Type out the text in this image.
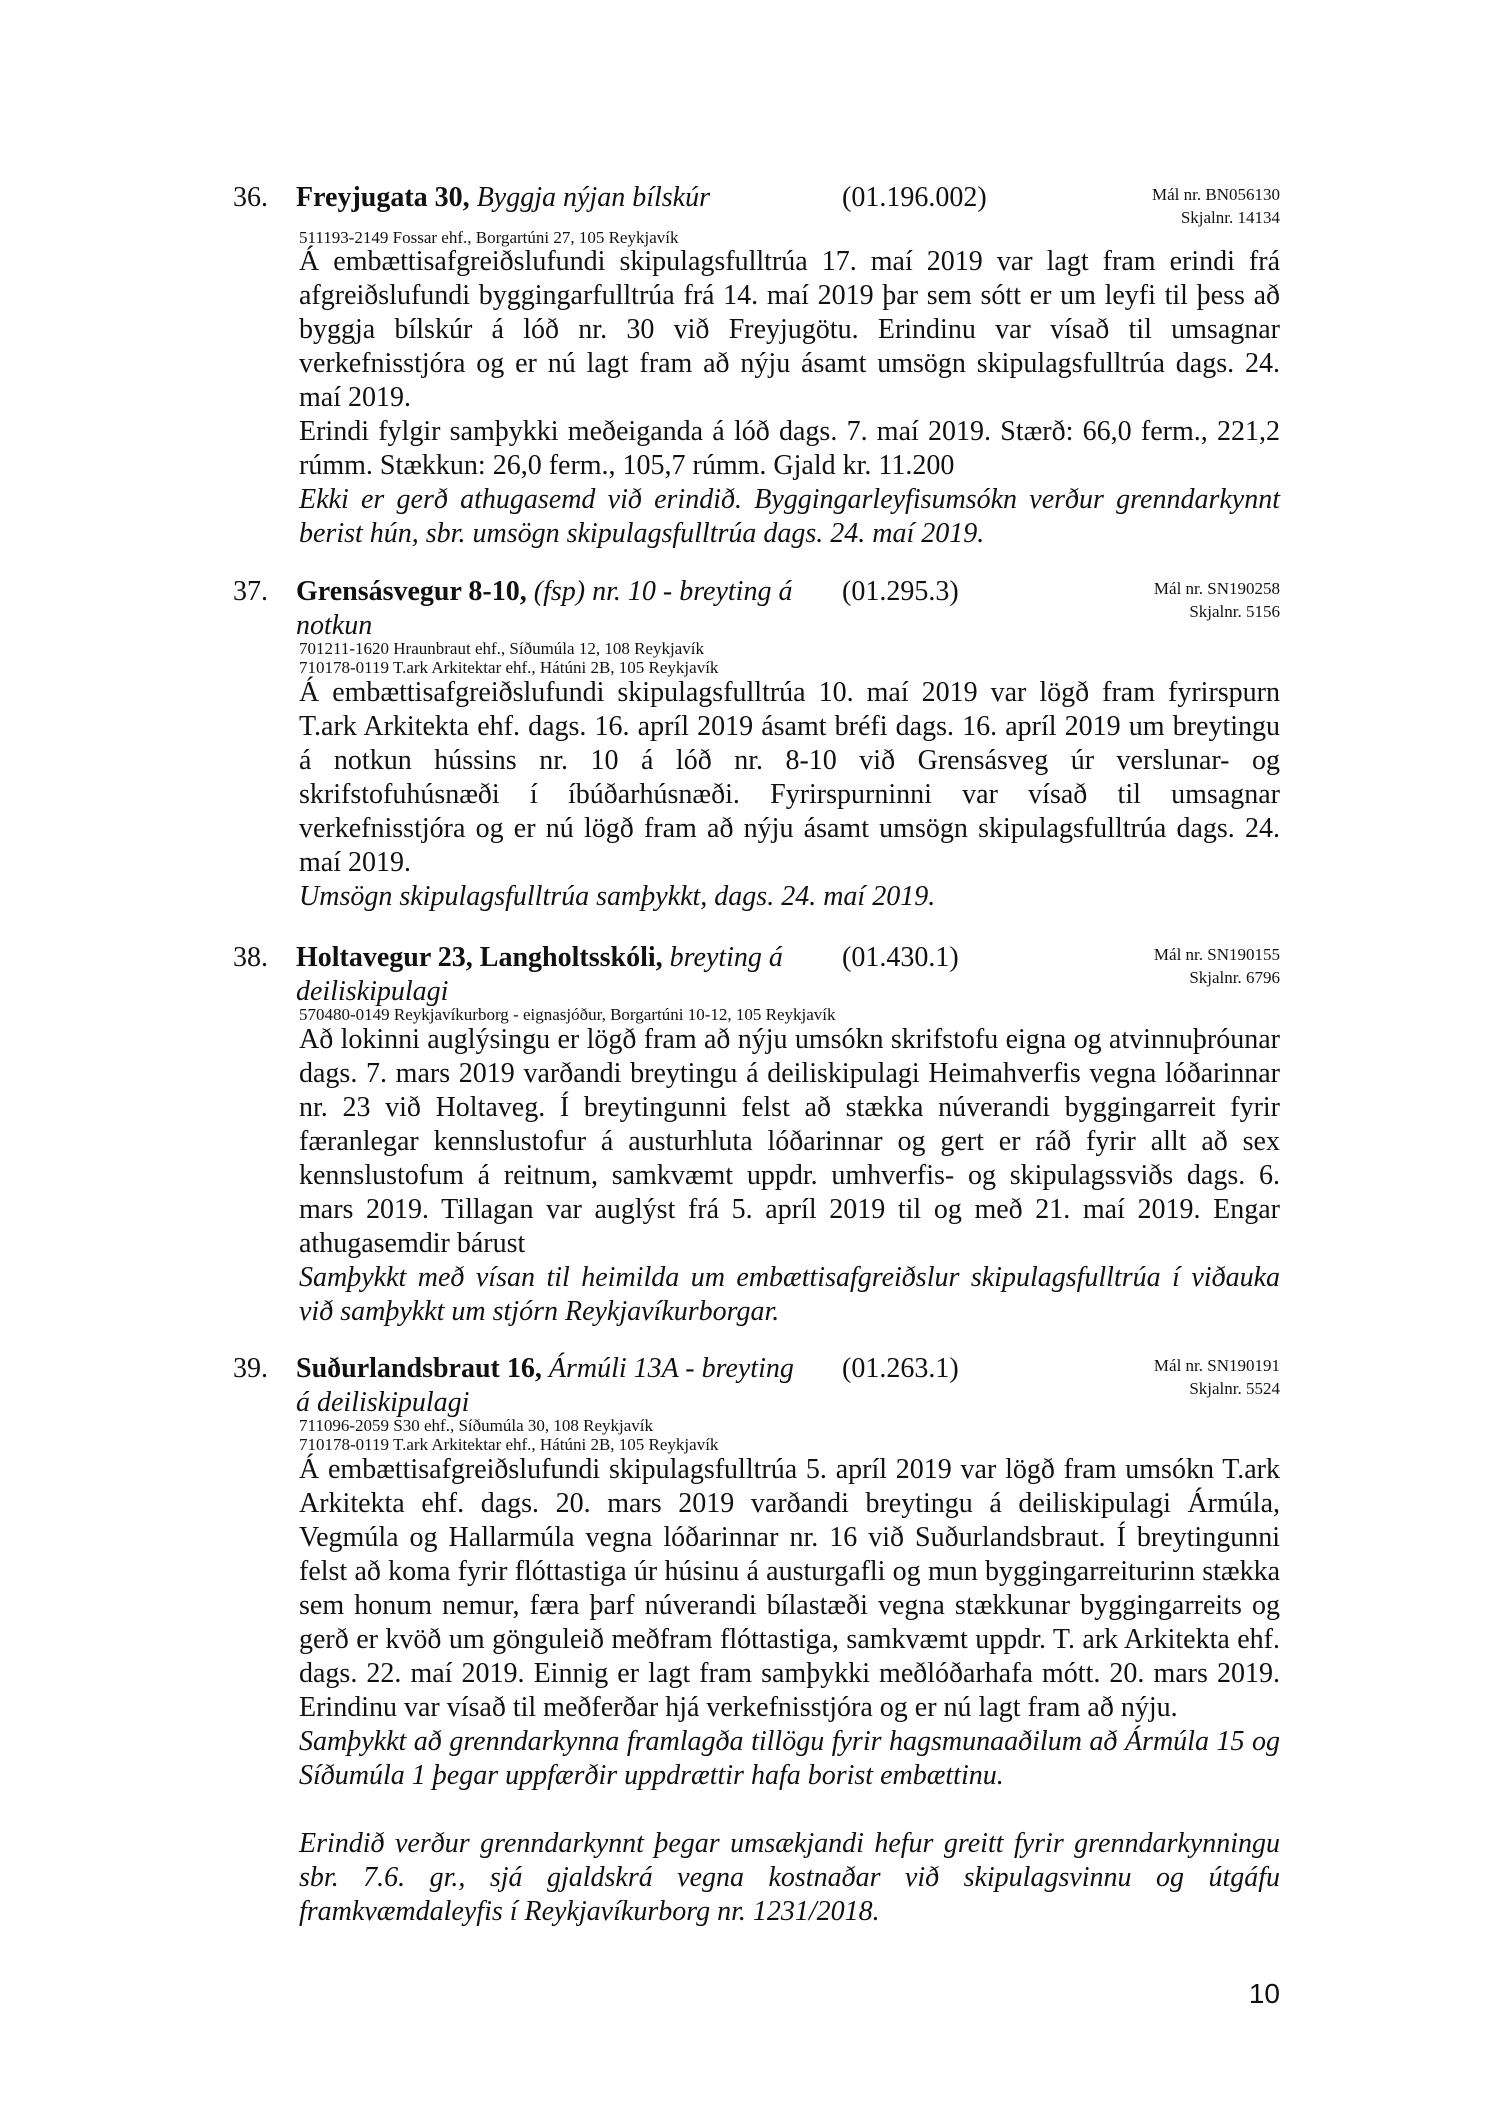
36. Freyjugata 30, Byggja nýjan bílskúr	(01.196.002)	Mál nr. BN056130
Skjalnr. 14134
511193-2149 Fossar ehf., Borgartúni 27, 105 Reykjavík

Á embættisafgreiðslufundi skipulagsfulltrúa 17. maí 2019 var lagt fram erindi frá afgreiðslufundi byggingarfulltrúa frá 14. maí 2019 þar sem sótt er um leyfi til þess að byggja bílskúr á lóð nr. 30 við Freyjugötu. Erindinu var vísað til umsagnar verkefnisstjóra og er nú lagt fram að nýju ásamt umsögn skipulagsfulltrúa dags. 24. maí 2019.

Erindi fylgir samþykki meðeiganda á lóð dags. 7. maí 2019. Stærð: 66,0 ferm., 221,2 rúmm. Stækkun: 26,0 ferm., 105,7 rúmm. Gjald kr. 11.200

Ekki er gerð athugasemd við erindið. Byggingarleyfisumsókn verður grenndarkynnt berist hún, sbr. umsögn skipulagsfulltrúa dags. 24. maí 2019.

37. Grensásvegur 8-10, (fsp) nr. 10 - breyting á
notkun
(01.295.3)	Mál nr. SN190258
Skjalnr. 5156
701211-1620 Hraunbraut ehf., Síðumúla 12, 108 Reykjavík
710178-0119 T.ark Arkitektar ehf., Hátúni 2B, 105 Reykjavík

Á embættisafgreiðslufundi skipulagsfulltrúa 10. maí 2019 var lögð fram fyrirspurn T.ark Arkitekta ehf. dags. 16. apríl 2019 ásamt bréfi dags. 16. apríl 2019 um breytingu á notkun hússins nr. 10 á lóð nr. 8-10 við Grensásveg úr verslunar- og skrifstofuhúsnæði í íbúðarhúsnæði. Fyrirspurninni var vísað til umsagnar verkefnisstjóra og er nú lögð fram að nýju ásamt umsögn skipulagsfulltrúa dags. 24. maí 2019.

Umsögn skipulagsfulltrúa samþykkt, dags. 24. maí 2019.

38. Holtavegur 23, Langholtsskóli, breyting á
deiliskipulagi
(01.430.1)	Mál nr. SN190155
Skjalnr. 6796
570480-0149 Reykjavíkurborg - eignasjóður, Borgartúni 10-12, 105 Reykjavík

Að lokinni auglýsingu er lögð fram að nýju umsókn skrifstofu eigna og atvinnuþróunar dags. 7. mars 2019 varðandi breytingu á deiliskipulagi Heimahverfis vegna lóðarinnar nr. 23 við Holtaveg. Í breytingunni felst að stækka núverandi byggingarreit fyrir færanlegar kennslustofur á austurhluta lóðarinnar og gert er ráð fyrir allt að sex kennslustofum á reitnum, samkvæmt uppdr. umhverfis- og skipulagssviðs dags. 6. mars 2019. Tillagan var auglýst frá 5. apríl 2019 til og með 21. maí 2019. Engar athugasemdir bárust

Samþykkt með vísan til heimilda um embættisafgreiðslur skipulagsfulltrúa í viðauka við samþykkt um stjórn Reykjavíkurborgar.

39. Suðurlandsbraut 16, Ármúli 13A - breyting
á deiliskipulagi
(01.263.1)	Mál nr. SN190191
Skjalnr. 5524
711096-2059 S30 ehf., Síðumúla 30, 108 Reykjavík
710178-0119 T.ark Arkitektar ehf., Hátúni 2B, 105 Reykjavík

Á embættisafgreiðslufundi skipulagsfulltrúa 5. apríl 2019 var lögð fram umsókn T.ark Arkitekta ehf. dags. 20. mars 2019 varðandi breytingu á deiliskipulagi Ármúla, Vegmúla og Hallarmúla vegna lóðarinnar nr. 16 við Suðurlandsbraut. Í breytingunni felst að koma fyrir flóttastiga úr húsinu á austurgafli og mun byggingarreiturinn stækka sem honum nemur, færa þarf núverandi bílastæði vegna stækkunar byggingarreits og gerð er kvöð um gönguleið meðfram flóttastiga, samkvæmt uppdr. T. ark Arkitekta ehf. dags. 22. maí 2019. Einnig er lagt fram samþykki meðlóðarhafa mótt. 20. mars 2019. Erindinu var vísað til meðferðar hjá verkefnisstjóra og er nú lagt fram að nýju.

Samþykkt að grenndarkynna framlagða tillögu fyrir hagsmunaaðilum að Ármúla 15 og Síðumúla 1 þegar uppfærðir uppdrættir hafa borist embættinu.

Erindið verður grenndarkynnt þegar umsækjandi hefur greitt fyrir grenndarkynningu sbr. 7.6. gr., sjá gjaldskrá vegna kostnaðar við skipulagsvinnu og útgáfu framkvæmdaleyfis í Reykjavíkurborg nr. 1231/2018.

10
